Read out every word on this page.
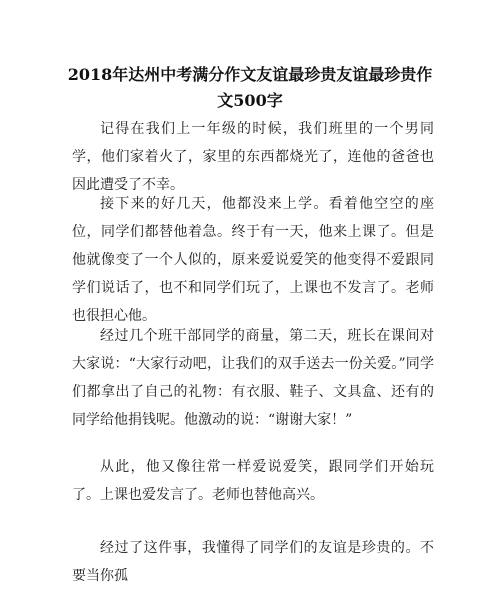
2018年达州中考满分作文友谊最珍贵友谊最珍贵作文500字

记得在我们上一年级的时候，我们班里的一个男同学，他们家着火了，家里的东西都烧光了，连他的爸爸也因此遭受了不幸。

接下来的好几天，他都没来上学。看着他空空的座位，同学们都替他着急。终于有一天，他来上课了。但是他就像变了一个人似的，原来爱说爱笑的他变得不爱跟同学们说话了，也不和同学们玩了，上课也不发言了。老师也很担心他。

经过几个班干部同学的商量，第二天，班长在课间对大家说：“大家行动吧，让我们的双手送去一份关爱。”同学们都拿出了自己的礼物：有衣服、鞋子、文具盒、还有的同学给他捐钱呢。他激动的说：“谢谢大家！”

从此，他又像往常一样爱说爱笑，跟同学们开始玩了。上课也爱发言了。老师也替他高兴。

经过了这件事，我懂得了同学们的友谊是珍贵的。不要当你孤
